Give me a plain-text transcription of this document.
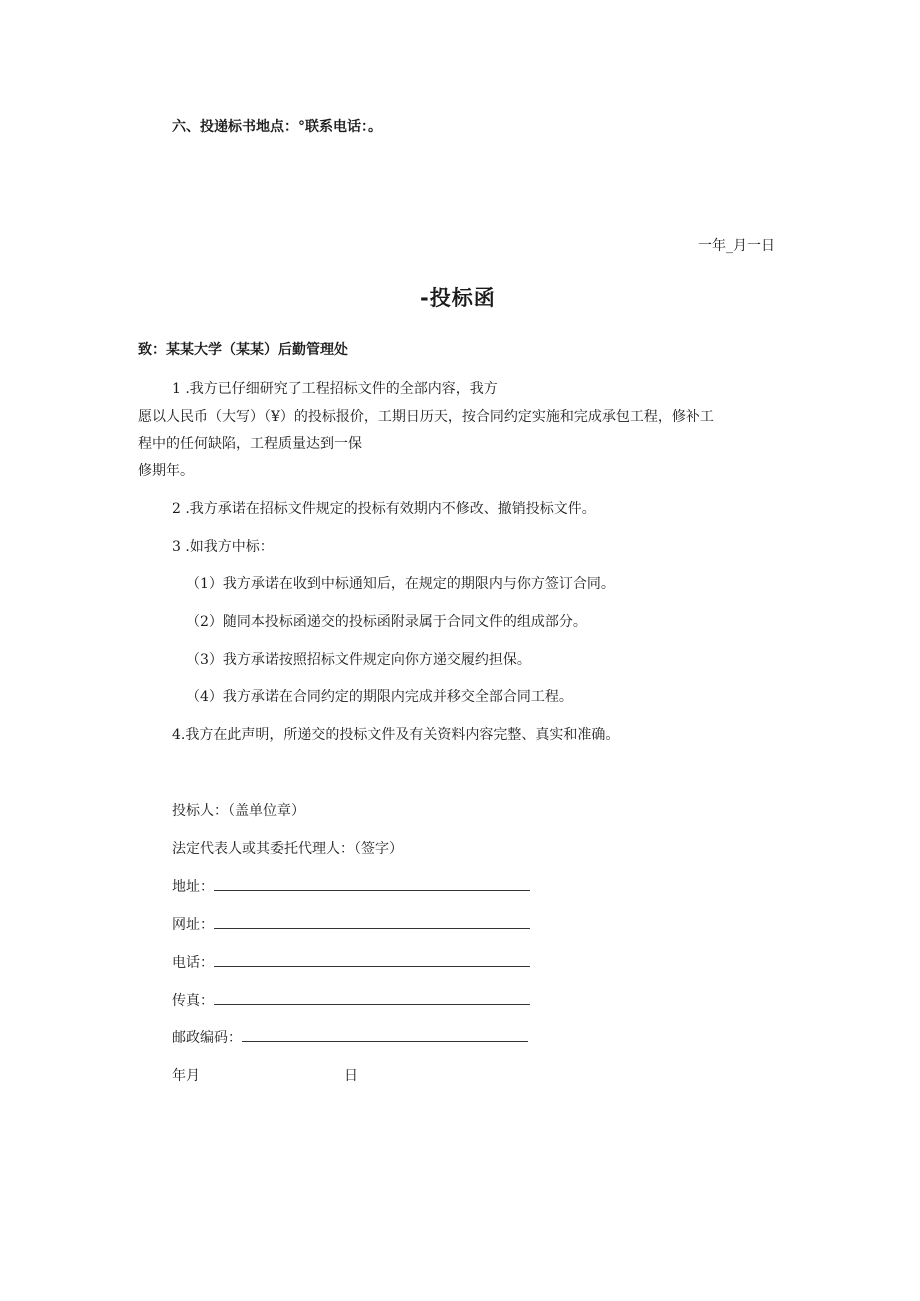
六、投递标书地点：°联系电话：。
一年_月一日
-投标函
致：某某大学（某某）后勤管理处
1 .我方已仔细研究了工程招标文件的全部内容，我方
愿以人民币（大写）（¥）的投标报价，工期日历天，按合同约定实施和完成承包工程，修补工
程中的任何缺陷，工程质量达到一保
修期年。
2 .我方承诺在招标文件规定的投标有效期内不修改、撤销投标文件。
3 .如我方中标：
（1）我方承诺在收到中标通知后，在规定的期限内与你方签订合同。
（2）随同本投标函递交的投标函附录属于合同文件的组成部分。
（3）我方承诺按照招标文件规定向你方递交履约担保。
（4）我方承诺在合同约定的期限内完成并移交全部合同工程。
4.我方在此声明，所递交的投标文件及有关资料内容完整、真实和准确。
投标人：（盖单位章）
法定代表人或其委托代理人：（签字）
地址：
网址：
电话：
传真：
邮政编码：
年月	日
